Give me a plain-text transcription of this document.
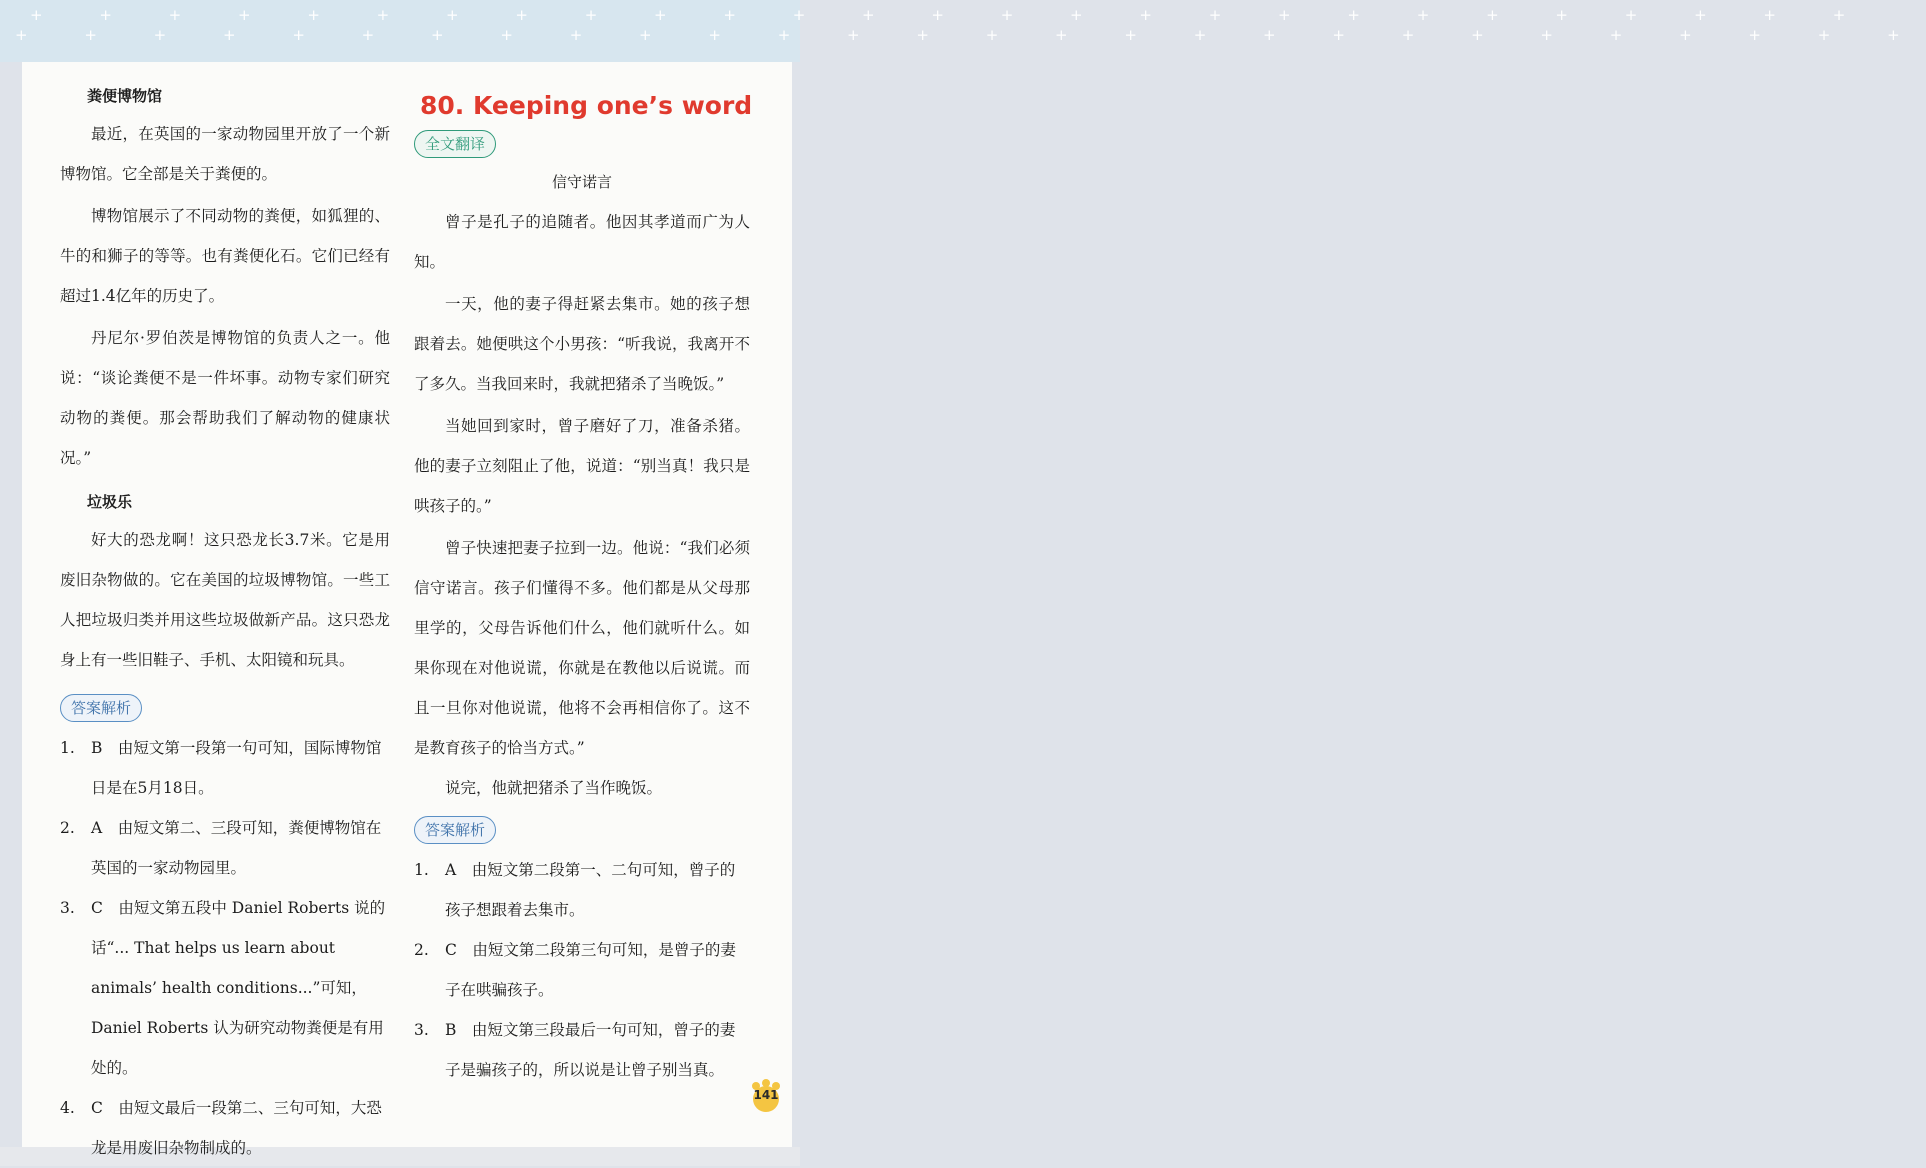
+ + + + + + + + + + + + + + + + + + + + + + + + + + +
+ + + + + + + + + + + + + + + + + + + + + + + + + + + +
粪便博物馆

最近，在英国的一家动物园里开放了一个新博物馆。它全部是关于粪便的。

博物馆展示了不同动物的粪便，如狐狸的、牛的和狮子的等等。也有粪便化石。它们已经有超过1.4亿年的历史了。

丹尼尔·罗伯茨是博物馆的负责人之一。他说：“谈论粪便不是一件坏事。动物专家们研究动物的粪便。那会帮助我们了解动物的健康状况。”

垃圾乐

好大的恐龙啊！这只恐龙长3.7米。它是用废旧杂物做的。它在美国的垃圾博物馆。一些工人把垃圾归类并用这些垃圾做新产品。这只恐龙身上有一些旧鞋子、手机、太阳镜和玩具。

答案解析

1. B　由短文第一段第一句可知，国际博物馆日是在5月18日。

2. A　由短文第二、三段可知，粪便博物馆在英国的一家动物园里。

3. C　由短文第五段中 Daniel Roberts 说的话“... That helps us learn about animals’ health conditions...”可知，Daniel Roberts 认为研究动物粪便是有用处的。

4. C　由短文最后一段第二、三句可知，大恐龙是用废旧杂物制成的。

80. Keeping one’s word
全文翻译
信守诺言

曾子是孔子的追随者。他因其孝道而广为人知。

一天，他的妻子得赶紧去集市。她的孩子想跟着去。她便哄这个小男孩：“听我说，我离开不了多久。当我回来时，我就把猪杀了当晚饭。”

当她回到家时，曾子磨好了刀，准备杀猪。他的妻子立刻阻止了他，说道：“别当真！我只是哄孩子的。”

曾子快速把妻子拉到一边。他说：“我们必须信守诺言。孩子们懂得不多。他们都是从父母那里学的，父母告诉他们什么，他们就听什么。如果你现在对他说谎，你就是在教他以后说谎。而且一旦你对他说谎，他将不会再相信你了。这不是教育孩子的恰当方式。”

说完，他就把猪杀了当作晚饭。

答案解析

1. A　由短文第二段第一、二句可知，曾子的孩子想跟着去集市。

2. C　由短文第二段第三句可知，是曾子的妻子在哄骗孩子。

3. B　由短文第三段最后一句可知，曾子的妻子是骗孩子的，所以说是让曾子别当真。

141
